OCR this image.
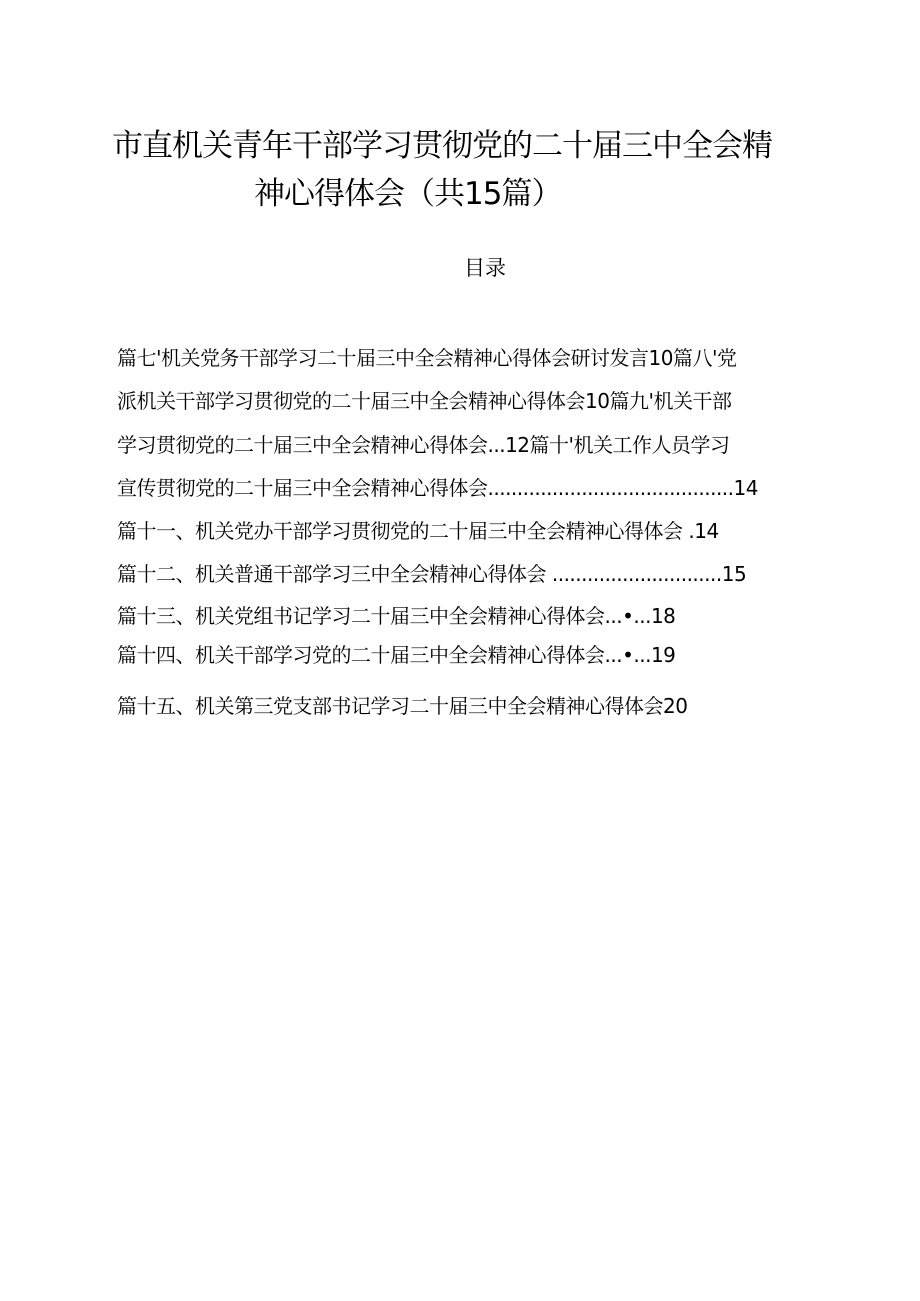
市直机关青年干部学习贯彻党的二十届三中全会精
神心得体会（共15篇）
目录
篇七'机关党务干部学习二十届三中全会精神心得体会研讨发言10篇八'党
派机关干部学习贯彻党的二十届三中全会精神心得体会10篇九'机关干部
学习贯彻党的二十届三中全会精神心得体会...12篇十'机关工作人员学习
宣传贯彻党的二十届三中全会精神心得体会..........................................14
篇十一、机关党办干部学习贯彻党的二十届三中全会精神心得体会 .14
篇十二、机关普通干部学习三中全会精神心得体会 .............................15
篇十三、机关党组书记学习二十届三中全会精神心得体会...•...18
篇十四、机关干部学习党的二十届三中全会精神心得体会...•...19
篇十五、机关第三党支部书记学习二十届三中全会精神心得体会20
